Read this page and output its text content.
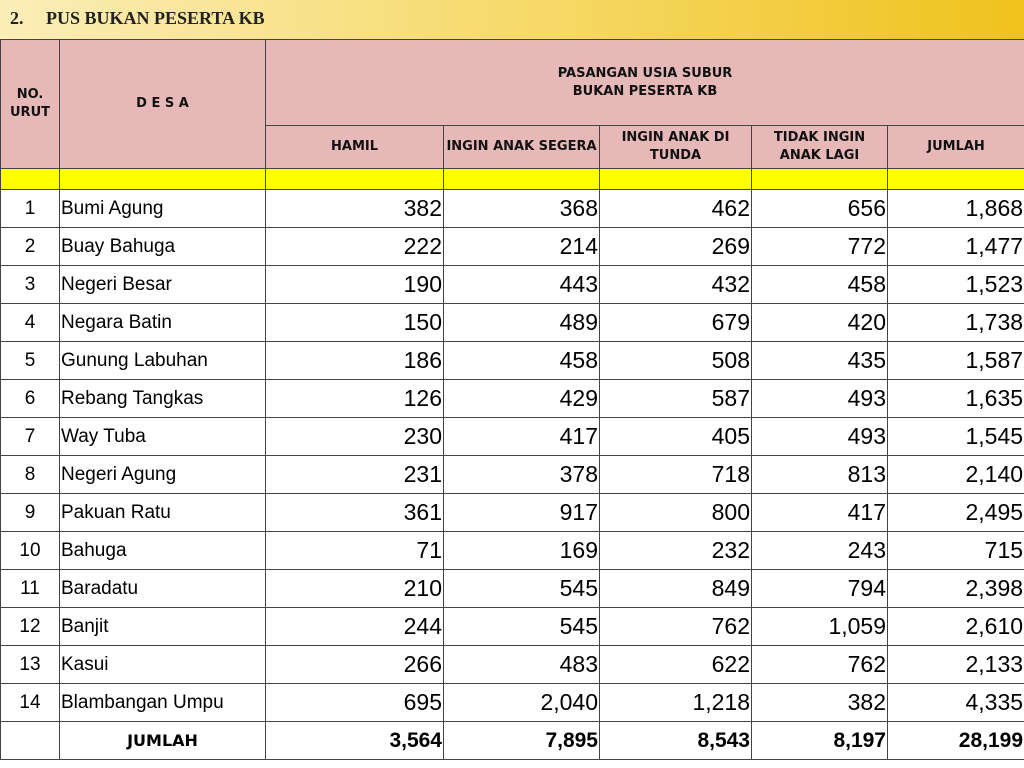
2. PUS BUKAN PESERTA KB
NO. URUT	D E S A	PASANGAN USIA SUBUR
BUKAN PESERTA KB				

		HAMIL	INGIN ANAK SEGERA	INGIN ANAK DI TUNDA	TIDAK INGIN ANAK LAGI	JUMLAH

1	Bumi Agung	382	368	462	656	1,868
2	Buay Bahuga	222	214	269	772	1,477
3	Negeri Besar	190	443	432	458	1,523
4	Negara Batin	150	489	679	420	1,738
5	Gunung Labuhan	186	458	508	435	1,587
6	Rebang Tangkas	126	429	587	493	1,635
7	Way Tuba	230	417	405	493	1,545
8	Negeri Agung	231	378	718	813	2,140
9	Pakuan Ratu	361	917	800	417	2,495
10	Bahuga	71	169	232	243	715
11	Baradatu	210	545	849	794	2,398
12	Banjit	244	545	762	1,059	2,610
13	Kasui	266	483	622	762	2,133
14	Blambangan Umpu	695	2,040	1,218	382	4,335
	JUMLAH	3,564	7,895	8,543	8,197	28,199
